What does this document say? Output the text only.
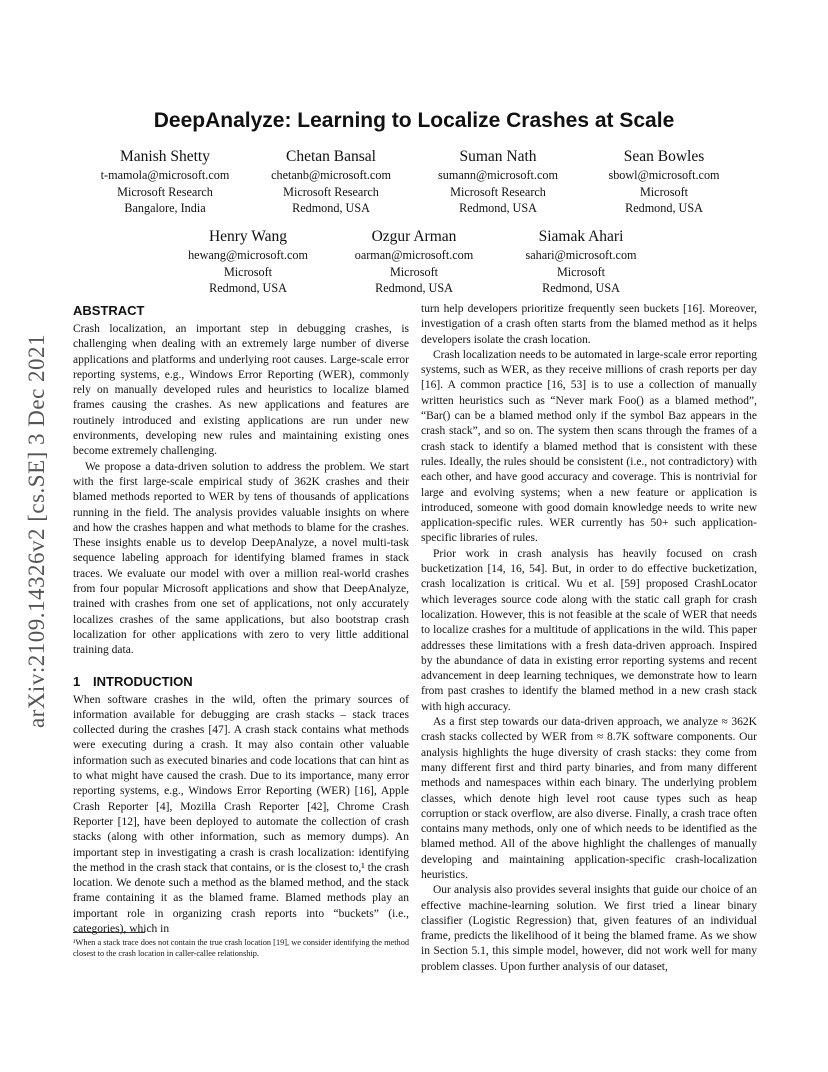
arXiv:2109.14326v2 [cs.SE] 3 Dec 2021
DeepAnalyze: Learning to Localize Crashes at Scale
Manish Shetty
t-mamola@microsoft.com
Microsoft Research
Bangalore, India
Chetan Bansal
chetanb@microsoft.com
Microsoft Research
Redmond, USA
Suman Nath
sumann@microsoft.com
Microsoft Research
Redmond, USA
Sean Bowles
sbowl@microsoft.com
Microsoft
Redmond, USA
Henry Wang
hewang@microsoft.com
Microsoft
Redmond, USA
Ozgur Arman
oarman@microsoft.com
Microsoft
Redmond, USA
Siamak Ahari
sahari@microsoft.com
Microsoft
Redmond, USA
ABSTRACT

Crash localization, an important step in debugging crashes, is challenging when dealing with an extremely large number of diverse applications and platforms and underlying root causes. Large-scale error reporting systems, e.g., Windows Error Reporting (WER), commonly rely on manually developed rules and heuristics to localize blamed frames causing the crashes. As new applications and features are routinely introduced and existing applications are run under new environments, developing new rules and maintaining existing ones become extremely challenging.

We propose a data-driven solution to address the problem. We start with the first large-scale empirical study of 362K crashes and their blamed methods reported to WER by tens of thousands of applications running in the field. The analysis provides valuable insights on where and how the crashes happen and what methods to blame for the crashes. These insights enable us to develop DeepAnalyze, a novel multi-task sequence labeling approach for identifying blamed frames in stack traces. We evaluate our model with over a million real-world crashes from four popular Microsoft applications and show that DeepAnalyze, trained with crashes from one set of applications, not only accurately localizes crashes of the same applications, but also bootstrap crash localization for other applications with zero to very little additional training data.

1 INTRODUCTION

When software crashes in the wild, often the primary sources of information available for debugging are crash stacks – stack traces collected during the crashes [47]. A crash stack contains what methods were executing during a crash. It may also contain other valuable information such as executed binaries and code locations that can hint as to what might have caused the crash. Due to its importance, many error reporting systems, e.g., Windows Error Reporting (WER) [16], Apple Crash Reporter [4], Mozilla Crash Reporter [42], Chrome Crash Reporter [12], have been deployed to automate the collection of crash stacks (along with other information, such as memory dumps). An important step in investigating a crash is crash localization: identifying the method in the crash stack that contains, or is the closest to,¹ the crash location. We denote such a method as the blamed method, and the stack frame containing it as the blamed frame. Blamed methods play an important role in organizing crash reports into “buckets” (i.e., categories), which in

¹When a stack trace does not contain the true crash location [19], we consider identifying the method closest to the crash location in caller-callee relationship.

turn help developers prioritize frequently seen buckets [16]. Moreover, investigation of a crash often starts from the blamed method as it helps developers isolate the crash location.

Crash localization needs to be automated in large-scale error reporting systems, such as WER, as they receive millions of crash reports per day [16]. A common practice [16, 53] is to use a collection of manually written heuristics such as “Never mark Foo() as a blamed method”, “Bar() can be a blamed method only if the symbol Baz appears in the crash stack”, and so on. The system then scans through the frames of a crash stack to identify a blamed method that is consistent with these rules. Ideally, the rules should be consistent (i.e., not contradictory) with each other, and have good accuracy and coverage. This is nontrivial for large and evolving systems; when a new feature or application is introduced, someone with good domain knowledge needs to write new application-specific rules. WER currently has 50+ such application-specific libraries of rules.

Prior work in crash analysis has heavily focused on crash bucketization [14, 16, 54]. But, in order to do effective bucketization, crash localization is critical. Wu et al. [59] proposed CrashLocator which leverages source code along with the static call graph for crash localization. However, this is not feasible at the scale of WER that needs to localize crashes for a multitude of applications in the wild. This paper addresses these limitations with a fresh data-driven approach. Inspired by the abundance of data in existing error reporting systems and recent advancement in deep learning techniques, we demonstrate how to learn from past crashes to identify the blamed method in a new crash stack with high accuracy.

As a first step towards our data-driven approach, we analyze ≈ 362K crash stacks collected by WER from ≈ 8.7K software components. Our analysis highlights the huge diversity of crash stacks: they come from many different first and third party binaries, and from many different methods and namespaces within each binary. The underlying problem classes, which denote high level root cause types such as heap corruption or stack overflow, are also diverse. Finally, a crash trace often contains many methods, only one of which needs to be identified as the blamed method. All of the above highlight the challenges of manually developing and maintaining application-specific crash-localization heuristics.

Our analysis also provides several insights that guide our choice of an effective machine-learning solution. We first tried a linear binary classifier (Logistic Regression) that, given features of an individual frame, predicts the likelihood of it being the blamed frame. As we show in Section 5.1, this simple model, however, did not work well for many problem classes. Upon further analysis of our dataset,
